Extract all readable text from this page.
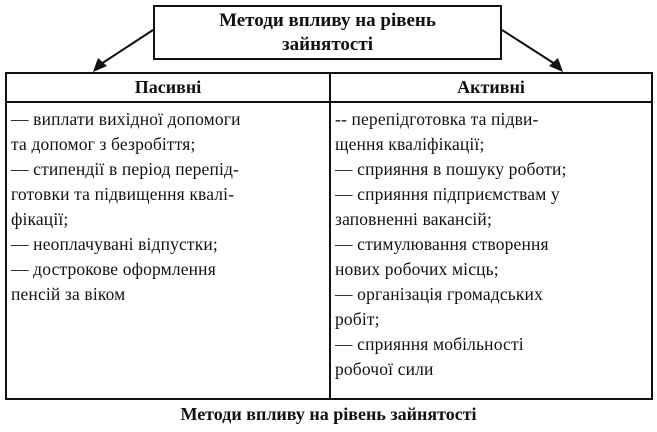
Методи впливу на рівень
зайнятості
Пасивні	Активні
— виплати вихідної допомоги
та допомог з безробіття;
— стипендії в період перепід-
готовки та підвищення квалі-
фікації;
— неоплачувані відпустки;
— дострокове оформлення
пенсій за віком
-- перепідготовка та підви-
щення кваліфікації;
— сприяння в пошуку роботи;
— сприяння підприємствам у
заповненні вакансій;
— стимулювання створення
нових робочих місць;
— організація громадських
робіт;
— сприяння мобільності
робочої сили
Методи впливу на рівень зайнятості
